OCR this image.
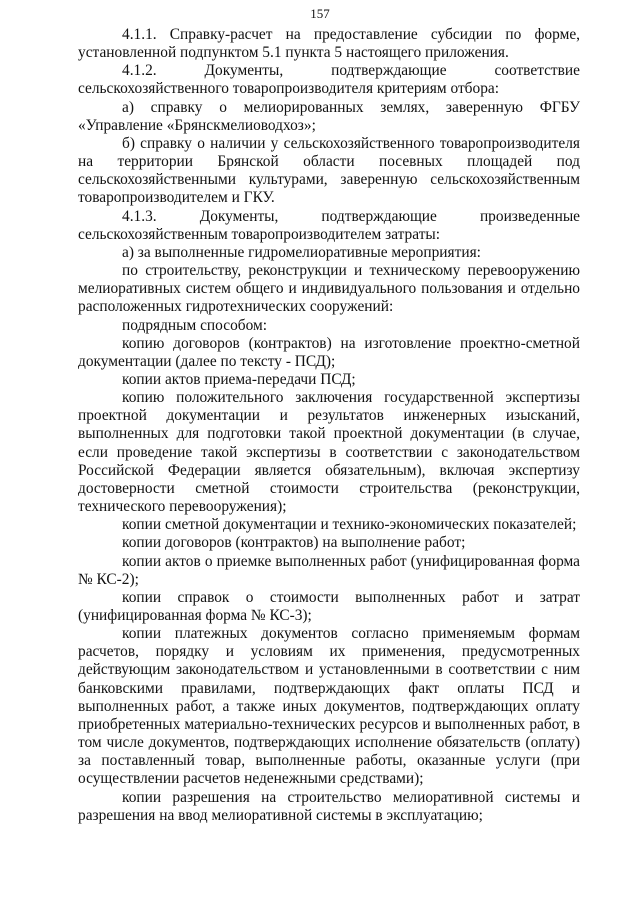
157

4.1.1. Справку-расчет на предоставление субсидии по форме, установленной подпунктом 5.1 пункта 5 настоящего приложения.

4.1.2. Документы, подтверждающие соответствие сельскохозяйственного товаропроизводителя критериям отбора:

а) справку о мелиорированных землях, заверенную ФГБУ «Управление «Брянскмелиоводхоз»;

б) справку о наличии у сельскохозяйственного товаропроизводителя на территории Брянской области посевных площадей под сельскохозяйственными культурами, заверенную сельскохозяйственным товаропроизводителем и ГКУ.

4.1.3. Документы, подтверждающие произведенные сельскохозяйственным товаропроизводителем затраты:

а) за выполненные гидромелиоративные мероприятия:

по строительству, реконструкции и техническому перевооружению мелиоративных систем общего и индивидуального пользования и отдельно расположенных гидротехнических сооружений:

подрядным способом:

копию договоров (контрактов) на изготовление проектно-сметной документации (далее по тексту - ПСД);

копии актов приема-передачи ПСД;

копию положительного заключения государственной экспертизы проектной документации и результатов инженерных изысканий, выполненных для подготовки такой проектной документации (в случае, если проведение такой экспертизы в соответствии с законодательством Российской Федерации является обязательным), включая экспертизу достоверности сметной стоимости строительства (реконструкции, технического перевооружения);

копии сметной документации и технико-экономических показателей;

копии договоров (контрактов) на выполнение работ;

копии актов о приемке выполненных работ (унифицированная форма № КС-2);

копии справок о стоимости выполненных работ и затрат (унифицированная форма № КС-3);

копии платежных документов согласно применяемым формам расчетов, порядку и условиям их применения, предусмотренных действующим законодательством и установленными в соответствии с ним банковскими правилами, подтверждающих факт оплаты ПСД и выполненных работ, а также иных документов, подтверждающих оплату приобретенных материально-технических ресурсов и выполненных работ, в том числе документов, подтверждающих исполнение обязательств (оплату) за поставленный товар, выполненные работы, оказанные услуги (при осуществлении расчетов неденежными средствами);

копии разрешения на строительство мелиоративной системы и разрешения на ввод мелиоративной системы в эксплуатацию;
